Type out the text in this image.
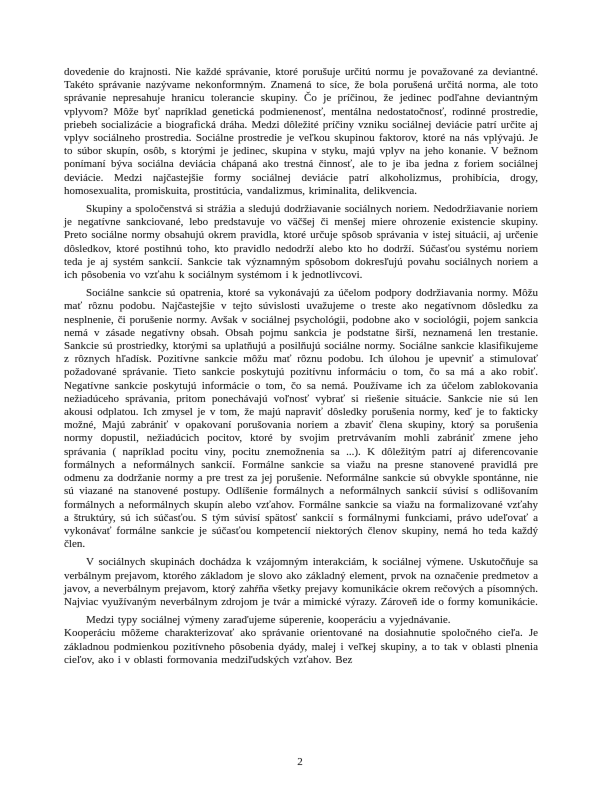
dovedenie do krajnosti. Nie každé správanie, ktoré porušuje určitú normu je považované za deviantné. Takéto správanie nazývame nekonformným. Znamená to síce, že bola porušená určitá norma, ale toto správanie nepresahuje hranicu tolerancie skupiny. Čo je príčinou, že jedinec podľahne deviantným vplyvom? Môže byť napríklad genetická podmienenosť, mentálna nedostatočnosť, rodinné prostredie, priebeh socializácie a biografická dráha. Medzi dôležité príčiny vzniku sociálnej deviácie patrí určite aj vplyv sociálneho prostredia. Sociálne prostredie je veľkou skupinou faktorov, ktoré na nás vplývajú. Je to súbor skupín, osôb, s ktorými je jedinec, skupina v styku, majú vplyv na jeho konanie. V bežnom ponímaní býva sociálna deviácia chápaná ako trestná činnosť, ale to je iba jedna z foriem sociálnej deviácie. Medzi najčastejšie formy sociálnej deviácie patrí alkoholizmus, prohibícia, drogy, homosexualita, promiskuita, prostitúcia, vandalizmus, kriminalita, delikvencia.

Skupiny a spoločenstvá si strážia a sledujú dodržiavanie sociálnych noriem. Nedodržiavanie noriem je negatívne sankciované, lebo predstavuje vo väčšej či menšej miere ohrozenie existencie skupiny. Preto sociálne normy obsahujú okrem pravidla, ktoré určuje spôsob správania v istej situácii, aj určenie dôsledkov, ktoré postihnú toho, kto pravidlo nedodrží alebo kto ho dodrží. Súčasťou systému noriem teda je aj systém sankcií. Sankcie tak významným spôsobom dokresľujú povahu sociálnych noriem a ich pôsobenia vo vzťahu k sociálnym systémom i k jednotlivcovi.

Sociálne sankcie sú opatrenia, ktoré sa vykonávajú za účelom podpory dodržiavania normy. Môžu mať rôznu podobu. Najčastejšie v tejto súvislosti uvažujeme o treste ako negatívnom dôsledku za nesplnenie, či porušenie normy. Avšak v sociálnej psychológii, podobne ako v sociológii, pojem sankcia nemá v zásade negatívny obsah. Obsah pojmu sankcia je podstatne širší, neznamená len trestanie. Sankcie sú prostriedky, ktorými sa uplatňujú a posilňujú sociálne normy. Sociálne sankcie klasifikujeme z rôznych hľadísk. Pozitívne sankcie môžu mať rôznu podobu. Ich úlohou je upevniť a stimulovať požadované správanie. Tieto sankcie poskytujú pozitívnu informáciu o tom, čo sa má a ako robiť. Negatívne sankcie poskytujú informácie o tom, čo sa nemá. Používame ich za účelom zablokovania nežiadúceho správania, pritom ponechávajú voľnosť vybrať si riešenie situácie. Sankcie nie sú len akousi odplatou. Ich zmysel je v tom, že majú napraviť dôsledky porušenia normy, keď je to fakticky možné, Majú zabrániť v opakovaní porušovania noriem a zbaviť člena skupiny, ktorý sa porušenia normy dopustil, nežiadúcich pocitov, ktoré by svojim pretrvávaním mohli zabrániť zmene jeho správania ( napríklad pocitu viny, pocitu znemožnenia sa ...). K dôležitým patrí aj diferencovanie formálnych a neformálnych sankcií. Formálne sankcie sa viažu na presne stanovené pravidlá pre odmenu za dodržanie normy a pre trest za jej porušenie. Neformálne sankcie sú obvykle spontánne, nie sú viazané na stanovené postupy. Odlíšenie formálnych a neformálnych sankcií súvisí s odlišovaním formálnych a neformálnych skupín alebo vzťahov. Formálne sankcie sa viažu na formalizované vzťahy a štruktúry, sú ich súčasťou. S tým súvisí spätosť sankcií s formálnymi funkciami, právo udeľovať a vykonávať formálne sankcie je súčasťou kompetencií niektorých členov skupiny, nemá ho teda každý člen.

V sociálnych skupinách dochádza k vzájomným interakciám, k sociálnej výmene. Uskutočňuje sa verbálnym prejavom, ktorého základom je slovo ako základný element, prvok na označenie predmetov a javov, a neverbálnym prejavom, ktorý zahŕňa všetky prejavy komunikácie okrem rečových a písomných. Najviac využívaným neverbálnym zdrojom je tvár a mimické výrazy. Zároveň ide o formy komunikácie.

Medzi typy sociálnej výmeny zaraďujeme súperenie, kooperáciu a vyjednávanie.

Kooperáciu môžeme charakterizovať ako správanie orientované na dosiahnutie spoločného cieľa. Je základnou podmienkou pozitívneho pôsobenia dyády, malej i veľkej skupiny, a to tak v oblasti plnenia cieľov, ako i v oblasti formovania medziľudských vzťahov. Bez

2
